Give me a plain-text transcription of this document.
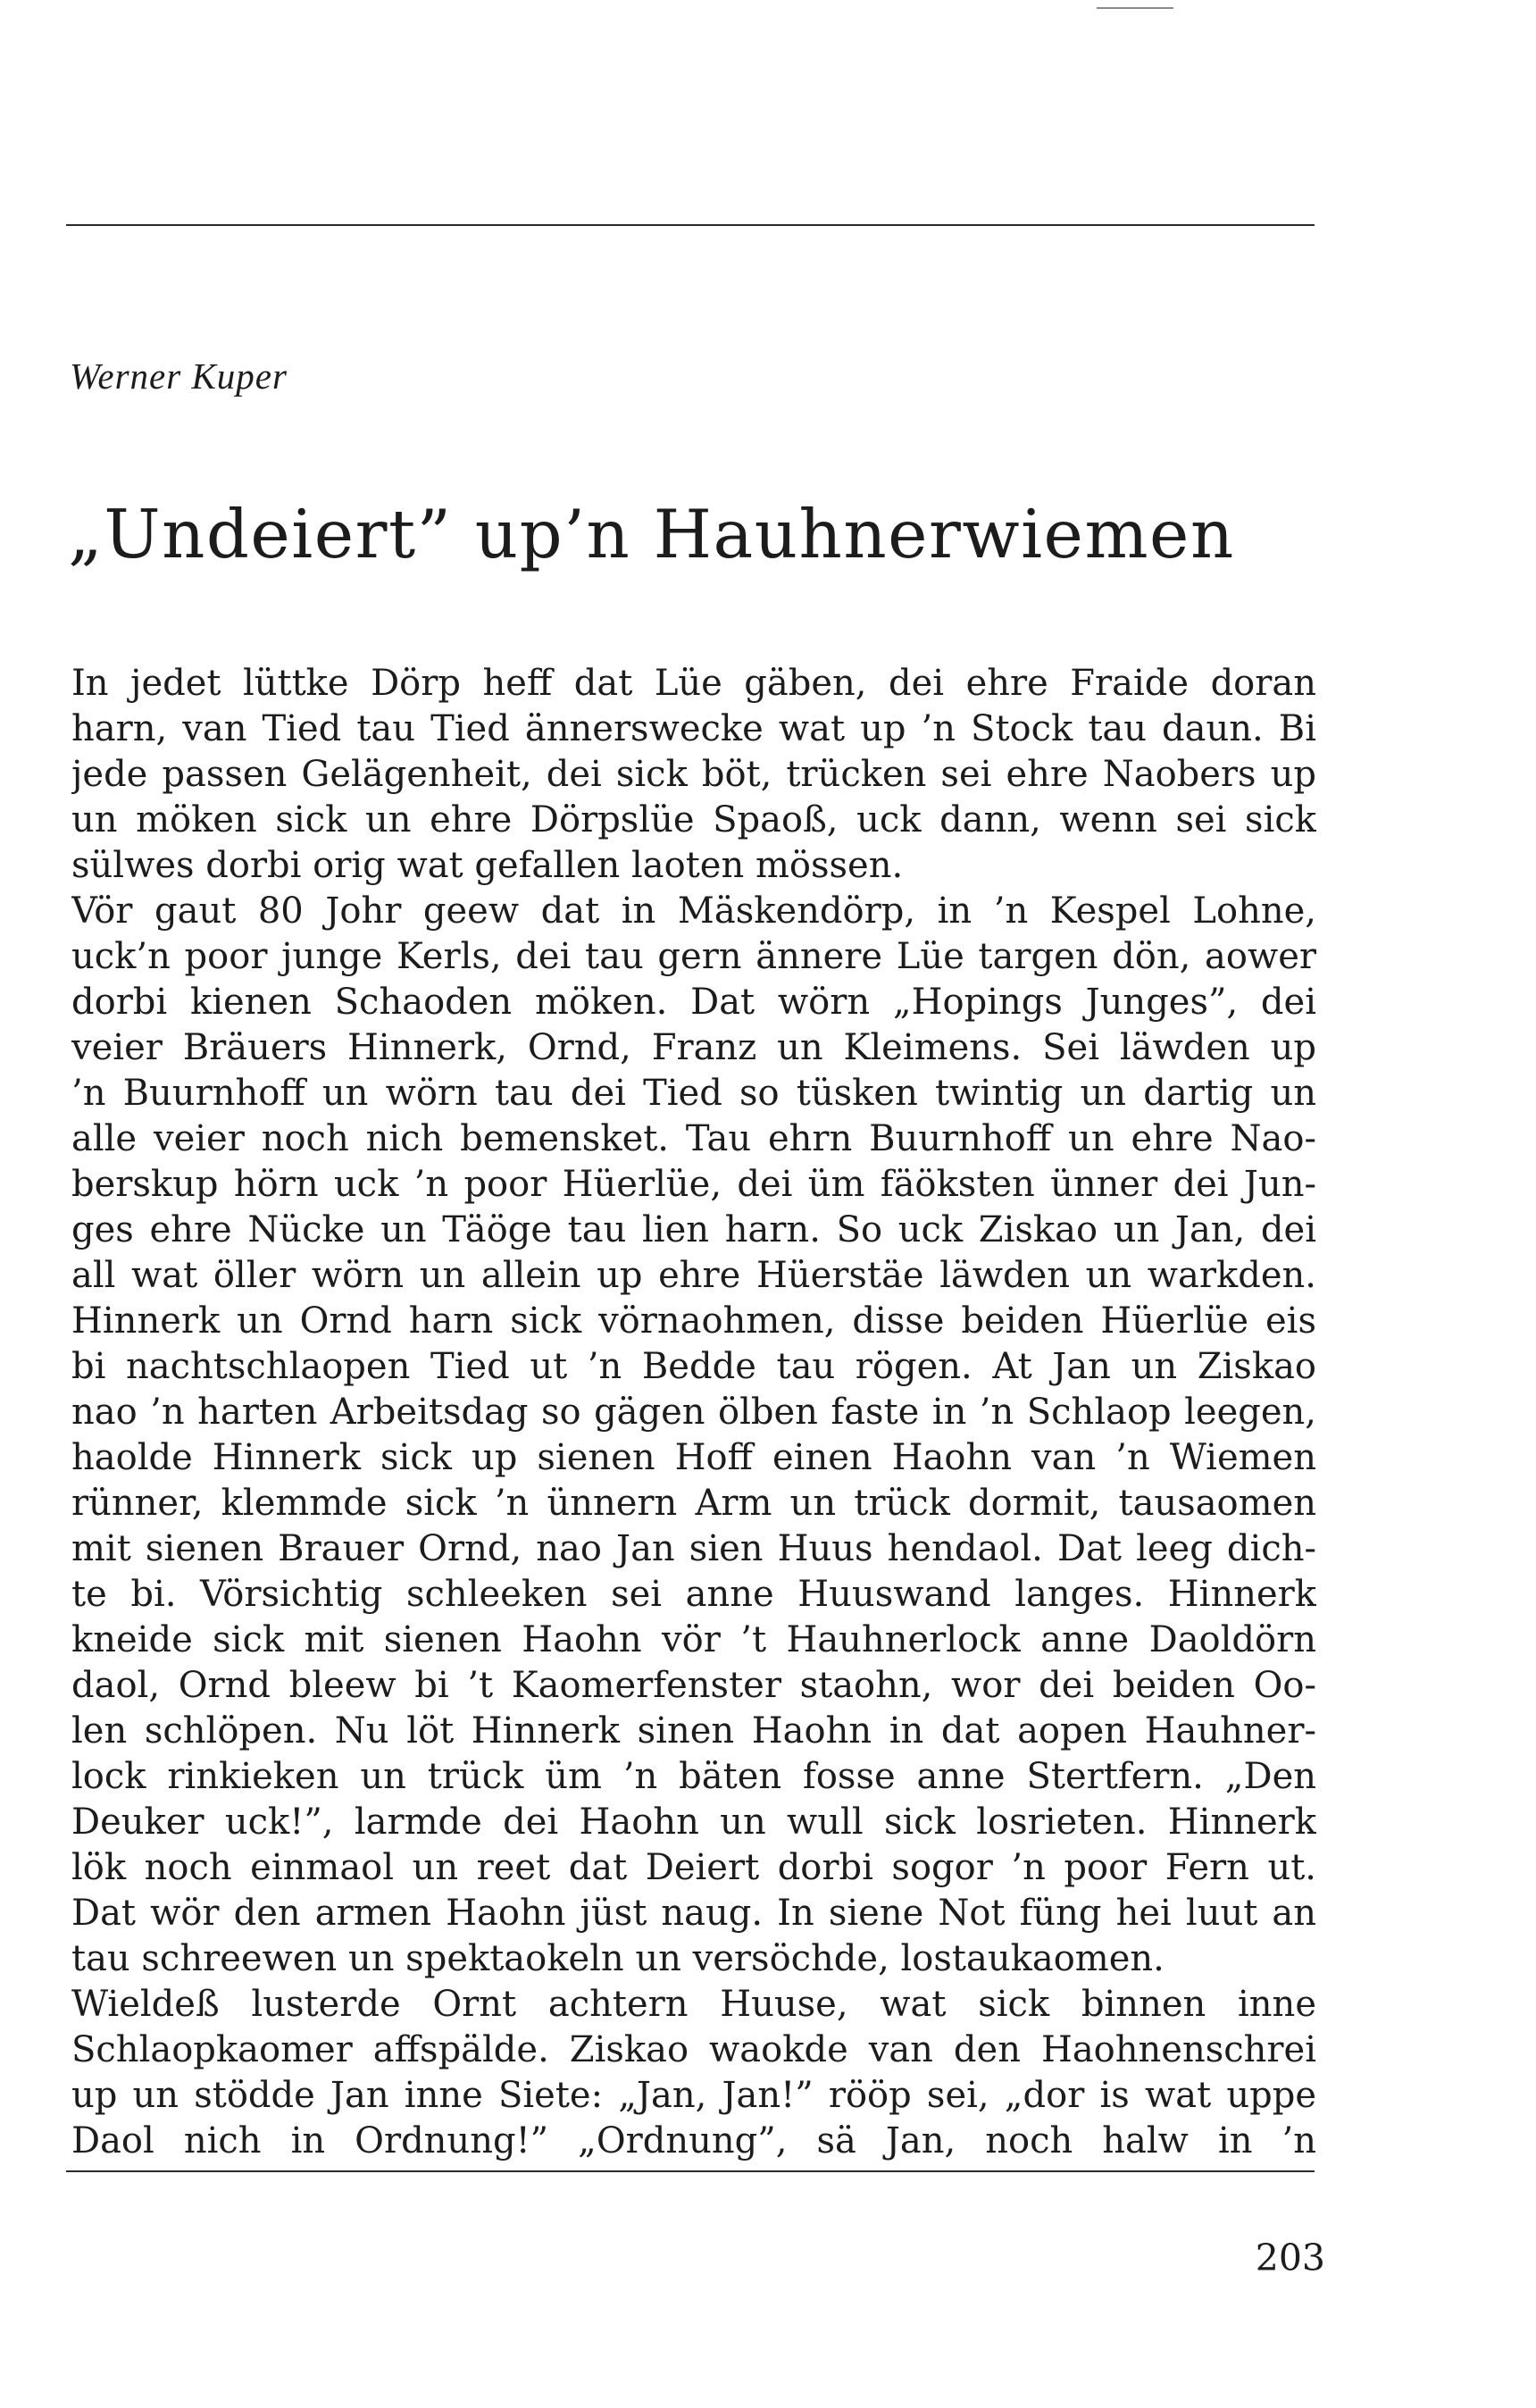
Werner Kuper
„Undeiert” up’n Hauhnerwiemen
In jedet lüttke Dörp heff dat Lüe gäben, dei ehre Fraide doran
harn, van Tied tau Tied ännerswecke wat up ’n Stock tau daun. Bi
jede passen Gelägenheit, dei sick böt, trücken sei ehre Naobers up
un möken sick un ehre Dörpslüe Spaoß, uck dann, wenn sei sick
sülwes dorbi orig wat gefallen laoten mössen.
Vör gaut 80 Johr geew dat in Mäskendörp, in ’n Kespel Lohne,
uck’n poor junge Kerls, dei tau gern ännere Lüe targen dön, aower
dorbi kienen Schaoden möken. Dat wörn „Hopings Junges”, dei
veier Bräuers Hinnerk, Ornd, Franz un Kleimens. Sei läwden up
’n Buurnhoff un wörn tau dei Tied so tüsken twintig un dartig un
alle veier noch nich bemensket. Tau ehrn Buurnhoff un ehre Nao-
berskup hörn uck ’n poor Hüerlüe, dei üm fäöksten ünner dei Jun-
ges ehre Nücke un Täöge tau lien harn. So uck Ziskao un Jan, dei
all wat öller wörn un allein up ehre Hüerstäe läwden un warkden.
Hinnerk un Ornd harn sick vörnaohmen, disse beiden Hüerlüe eis
bi nachtschlaopen Tied ut ’n Bedde tau rögen. At Jan un Ziskao
nao ’n harten Arbeitsdag so gägen ölben faste in ’n Schlaop leegen,
haolde Hinnerk sick up sienen Hoff einen Haohn van ’n Wiemen
rünner, klemmde sick ’n ünnern Arm un trück dormit, tausaomen
mit sienen Brauer Ornd, nao Jan sien Huus hendaol. Dat leeg dich-
te bi. Vörsichtig schleeken sei anne Huuswand langes. Hinnerk
kneide sick mit sienen Haohn vör ’t Hauhnerlock anne Daoldörn
daol, Ornd bleew bi ’t Kaomerfenster staohn, wor dei beiden Oo-
len schlöpen. Nu löt Hinnerk sinen Haohn in dat aopen Hauhner-
lock rinkieken un trück üm ’n bäten fosse anne Stertfern. „Den
Deuker uck!”, larmde dei Haohn un wull sick losrieten. Hinnerk
lök noch einmaol un reet dat Deiert dorbi sogor ’n poor Fern ut.
Dat wör den armen Haohn jüst naug. In siene Not füng hei luut an
tau schreewen un spektaokeln un versöchde, lostaukaomen.
Wieldeß lusterde Ornt achtern Huuse, wat sick binnen inne
Schlaopkaomer affspälde. Ziskao waokde van den Haohnenschrei
up un stödde Jan inne Siete: „Jan, Jan!” rööp sei, „dor is wat uppe
Daol nich in Ordnung!” „Ordnung”, sä Jan, noch halw in ’n
203
